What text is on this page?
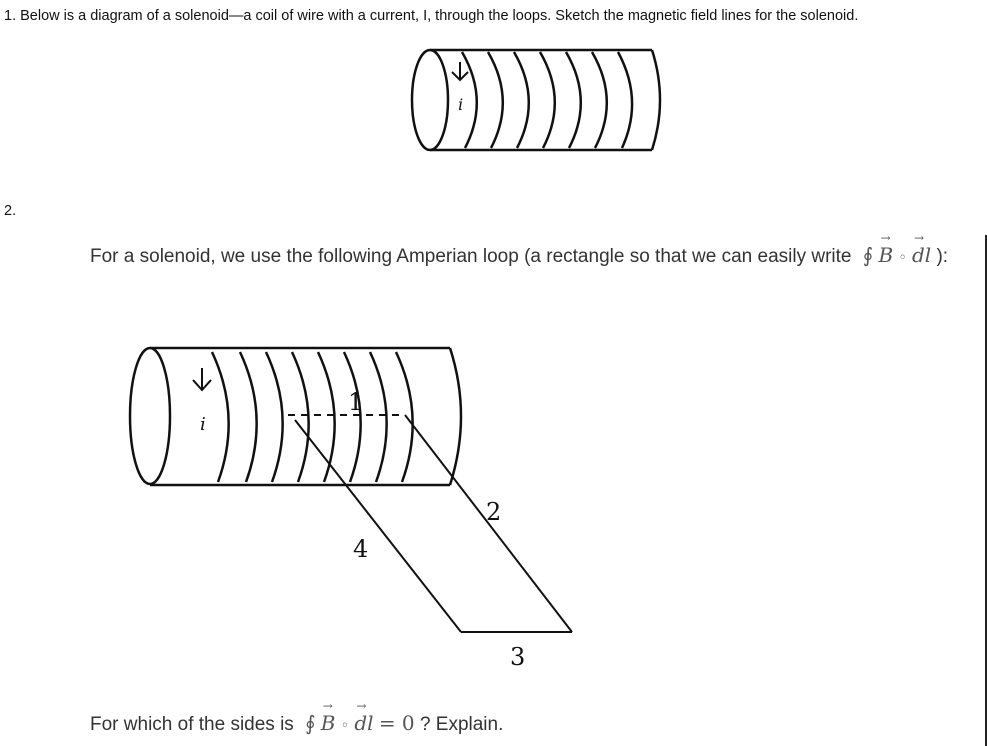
1. Below is a diagram of a solenoid—a coil of wire with a current, I, through the loops. Sketch the magnetic field lines for the solenoid.
i
2.
For a solenoid, we use the following Amperian loop (a rectangle so that we can easily write ∮ → B ◦ → dl ):
i
1
2
3
4
For which of the sides is ∮ → B ◦ → dl = 0 ? Explain.
